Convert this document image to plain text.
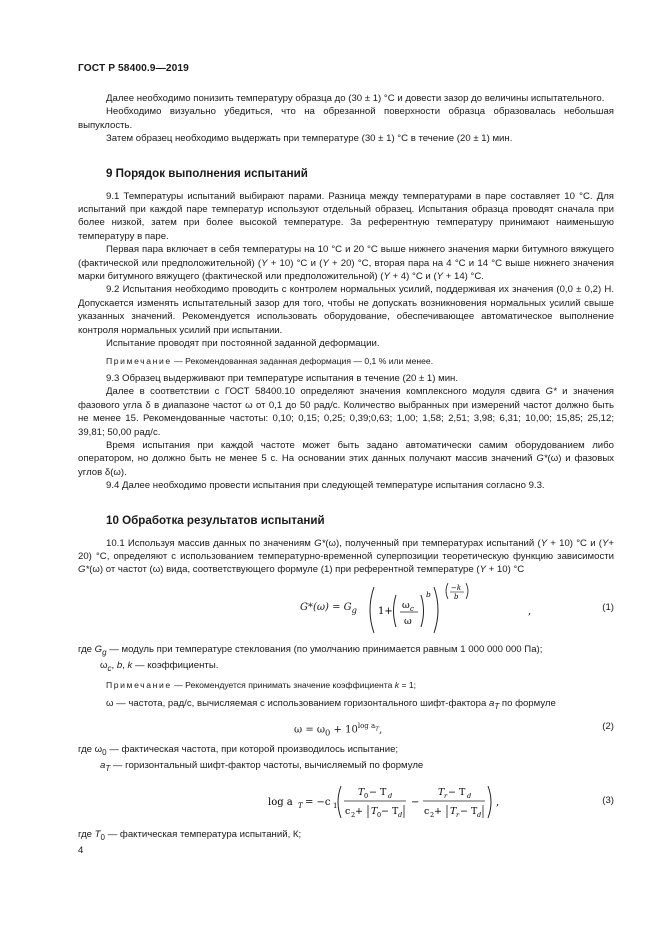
ГОСТ Р 58400.9—2019

Далее необходимо понизить температуру образца до (30 ± 1) °С и довести зазор до величины испытательного.

Необходимо визуально убедиться, что на обрезанной поверхности образца образовалась небольшая выпуклость.

Затем образец необходимо выдержать при температуре (30 ± 1) °С в течение (20 ± 1) мин.

9 Порядок выполнения испытаний

9.1 Температуры испытаний выбирают парами. Разница между температурами в паре составляет 10 °С. Для испытаний при каждой паре температур используют отдельный образец. Испытания образца проводят сначала при более низкой, затем при более высокой температуре. За референтную температуру принимают наименьшую температуру в паре.

Первая пара включает в себя температуры на 10 °С и 20 °С выше нижнего значения марки битумного вяжущего (фактической или предположительной) (Y + 10) °С и (Y + 20) °С, вторая пара на 4 °С и 14 °С выше нижнего значения марки битумного вяжущего (фактической или предположительной) (Y + 4) °С и (Y + 14) °С.

9.2 Испытания необходимо проводить с контролем нормальных усилий, поддерживая их значения (0,0 ± 0,2) Н. Допускается изменять испытательный зазор для того, чтобы не допускать возникновения нормальных усилий свыше указанных значений. Рекомендуется использовать оборудование, обеспечивающее автоматическое выполнение контроля нормальных усилий при испытании.

Испытание проводят при постоянной заданной деформации.

Примечание — Рекомендованная заданная деформация — 0,1 % или менее.

9.3 Образец выдерживают при температуре испытания в течение (20 ± 1) мин.

Далее в соответствии с ГОСТ 58400.10 определяют значения комплексного модуля сдвига G* и значения фазового угла δ в диапазоне частот ω от 0,1 до 50 рад/с. Количество выбранных при измерений частот должно быть не менее 15. Рекомендованные частоты: 0,10; 0,15; 0,25; 0,39;0,63; 1,00; 1,58; 2,51; 3,98; 6,31; 10,00; 15,85; 25,12; 39,81; 50,00 рад/с.

Время испытания при каждой частоте может быть задано автоматически самим оборудованием либо оператором, но должно быть не менее 5 с. На основании этих данных получают массив значений G*(ω) и фазовых углов δ(ω).

9.4 Далее необходимо провести испытания при следующей температуре испытания согласно 9.3.

10 Обработка результатов испытаний

10.1 Используя массив данных по значениям G*(ω), полученный при температурах испытаний (Y + 10) °С и (Y+ 20) °С, определяют с использованием температурно-временной суперпозиции теоретическую функцию зависимости G*(ω) от частот (ω) вида, соответствующего формуле (1) при референтной температуре (Y + 10) °С

$G*(\omega) = G_g$ 1+
ω c
ω
b
−k
b
,	(1)

где $G_g$ — модуль при температуре стеклования (по умолчанию принимается равным 1 000 000 000 Па);

$\omega_c$, b, k — коэффициенты.

Примечание — Рекомендуется принимать значение коэффициента k = 1;

ω — частота, рад/с, вычисляемая с использованием горизонтального шифт-фактора $a_T$ по формуле

$\omega = \omega_0 + 10^{log a_T}$,	(2)

где $\omega_0$ — фактическая частота, при которой производилось испытание;

$a_T$ — горизонтальный шифт-фактор частоты, вычисляемый по формуле

log a T = −c 1
T 0 − T d
c 2 + T 0 − T d
−
T r − T d
c 2 + T r − T d
,	(3)

где $T_0$ — фактическая температура испытаний, К;

4
